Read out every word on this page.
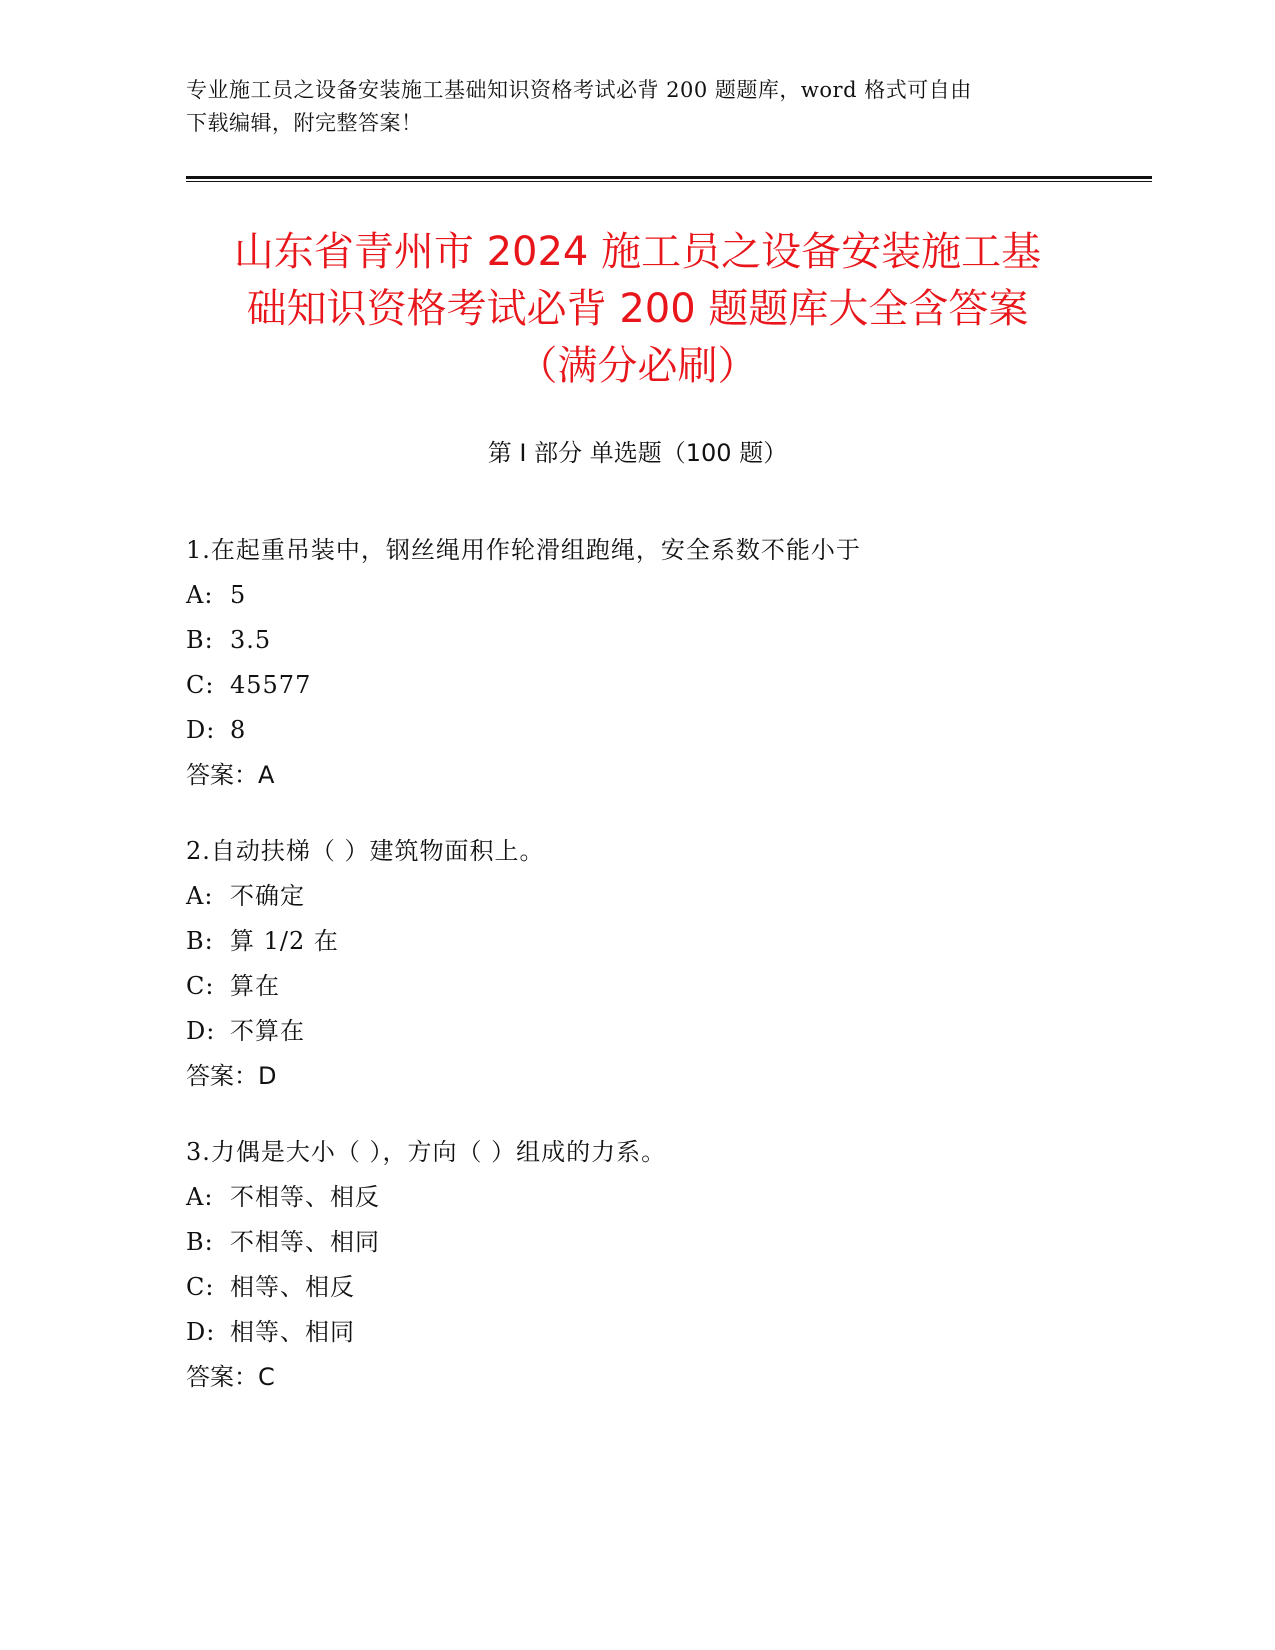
专业施工员之设备安装施工基础知识资格考试必背 200 题题库，word 格式可自由
下载编辑，附完整答案！
山东省青州市 2024 施工员之设备安装施工基
础知识资格考试必背 200 题题库大全含答案
（满分必刷）
第 I 部分 单选题（100 题）
1.在起重吊装中，钢丝绳用作轮滑组跑绳，安全系数不能小于
A: 5
B: 3.5
C: 45577
D: 8
答案：A
2.自动扶梯（ ）建筑物面积上。
A: 不确定
B: 算 1/2 在
C: 算在
D: 不算在
答案：D
3.力偶是大小（ ），方向（ ）组成的力系。
A: 不相等、相反
B: 不相等、相同
C: 相等、相反
D: 相等、相同
答案：C
